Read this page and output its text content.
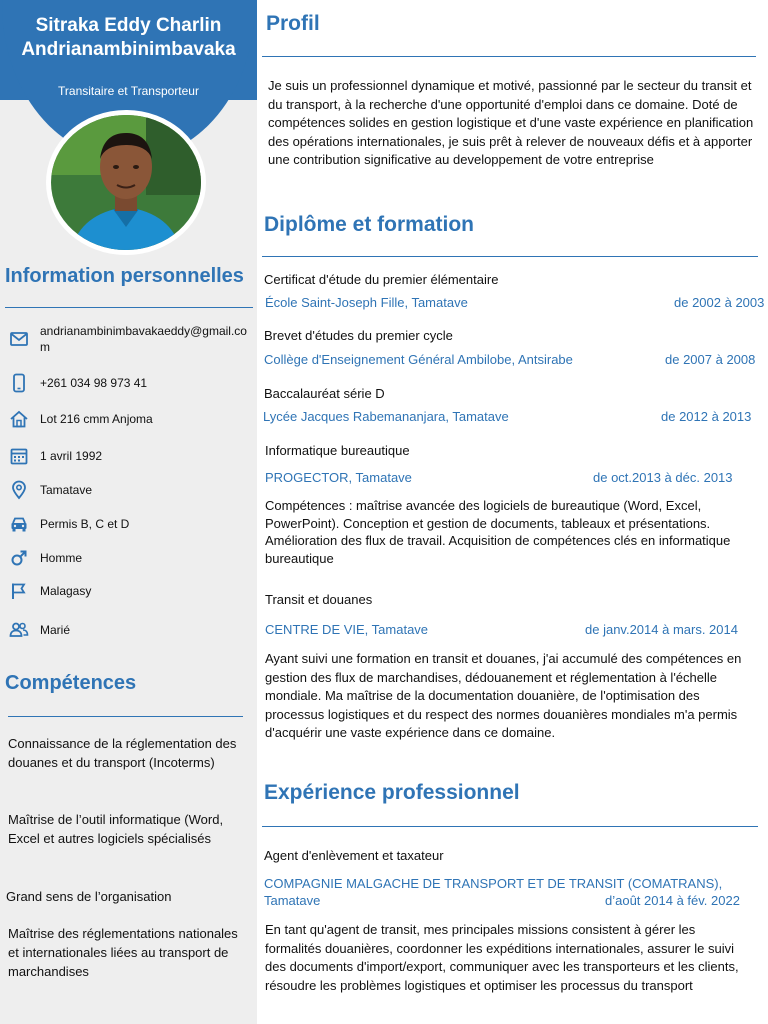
Sitraka Eddy Charlin
Andrianambinimbavaka
Transitaire et Transporteur
Information personnelles
andrianambinimbavakaeddy@gmail.com
+261 034 98 973 41
Lot 216 cmm Anjoma
1 avril 1992
Tamatave
Permis B, C et D
Homme
Malagasy
Marié
Compétences
Connaissance de la réglementation des douanes et du transport (Incoterms)
Maîtrise de l’outil informatique (Word, Excel et autres logiciels spécialisés
Grand sens de l’organisation
Maîtrise des réglementations nationales et internationales liées au transport de marchandises
Profil
Je suis un professionnel dynamique et motivé, passionné par le secteur du transit et du transport, à la recherche d'une opportunité d'emploi dans ce domaine. Doté de compétences solides en gestion logistique et d'une vaste expérience en planification des opérations internationales, je suis prêt à relever de nouveaux défis et à apporter une contribution significative au developpement de votre entreprise
Diplôme et formation
Certificat d'étude du premier élémentaire
École Saint-Joseph Fille, Tamatave	de 2002 à 2003
Brevet d'études du premier cycle
Collège d'Enseignement Général Ambilobe, Antsirabe	de 2007 à 2008
Baccalauréat série D
Lycée Jacques Rabemananjara, Tamatave	de 2012 à 2013
Informatique bureautique
PROGECTOR, Tamatave	de oct.2013 à déc. 2013
Compétences : maîtrise avancée des logiciels de bureautique (Word, Excel, PowerPoint). Conception et gestion de documents, tableaux et présentations. Amélioration des flux de travail. Acquisition de compétences clés en informatique bureautique
Transit et douanes
CENTRE DE VIE, Tamatave	de janv.2014 à mars. 2014
Ayant suivi une formation en transit et douanes, j'ai accumulé des compétences en gestion des flux de marchandises, dédouanement et réglementation à l'échelle mondiale. Ma maîtrise de la documentation douanière, de l'optimisation des processus logistiques et du respect des normes douanières mondiales m'a permis d'acquérir une vaste expérience dans ce domaine.
Expérience professionnel
Agent d'enlèvement et taxateur
COMPAGNIE MALGACHE DE TRANSPORT ET DE TRANSIT (COMATRANS),
Tamatave	d’août 2014 à fév. 2022
En tant qu'agent de transit, mes principales missions consistent à gérer les formalités douanières, coordonner les expéditions internationales, assurer le suivi des documents d'import/export, communiquer avec les transporteurs et les clients, résoudre les problèmes logistiques et optimiser les processus du transport
